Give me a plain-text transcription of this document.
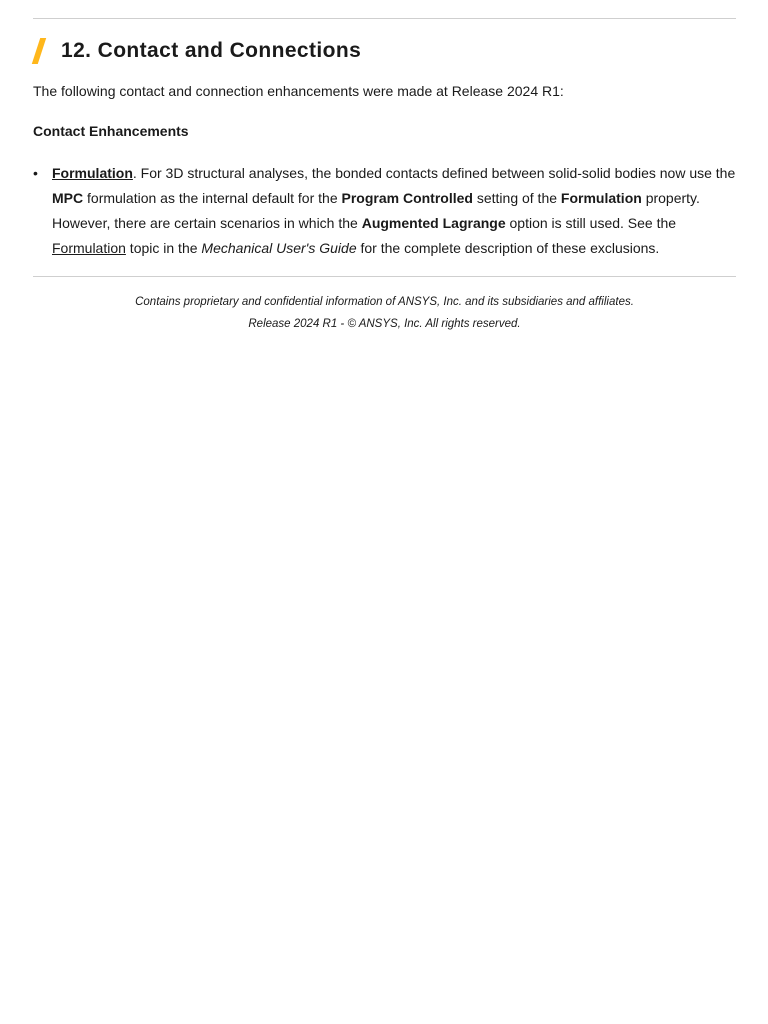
12. Contact and Connections
The following contact and connection enhancements were made at Release 2024 R1:
Contact Enhancements
• Formulation. For 3D structural analyses, the bonded contacts defined between solid-solid bodies now use the MPC formulation as the internal default for the Program Controlled setting of the Formulation property. However, there are certain scenarios in which the Augmented Lagrange option is still used. See the Formulation topic in the Mechanical User's Guide for the complete description of these exclusions.
Contains proprietary and confidential information of ANSYS, Inc. and its subsidiaries and affiliates.
Release 2024 R1 - © ANSYS, Inc. All rights reserved.
